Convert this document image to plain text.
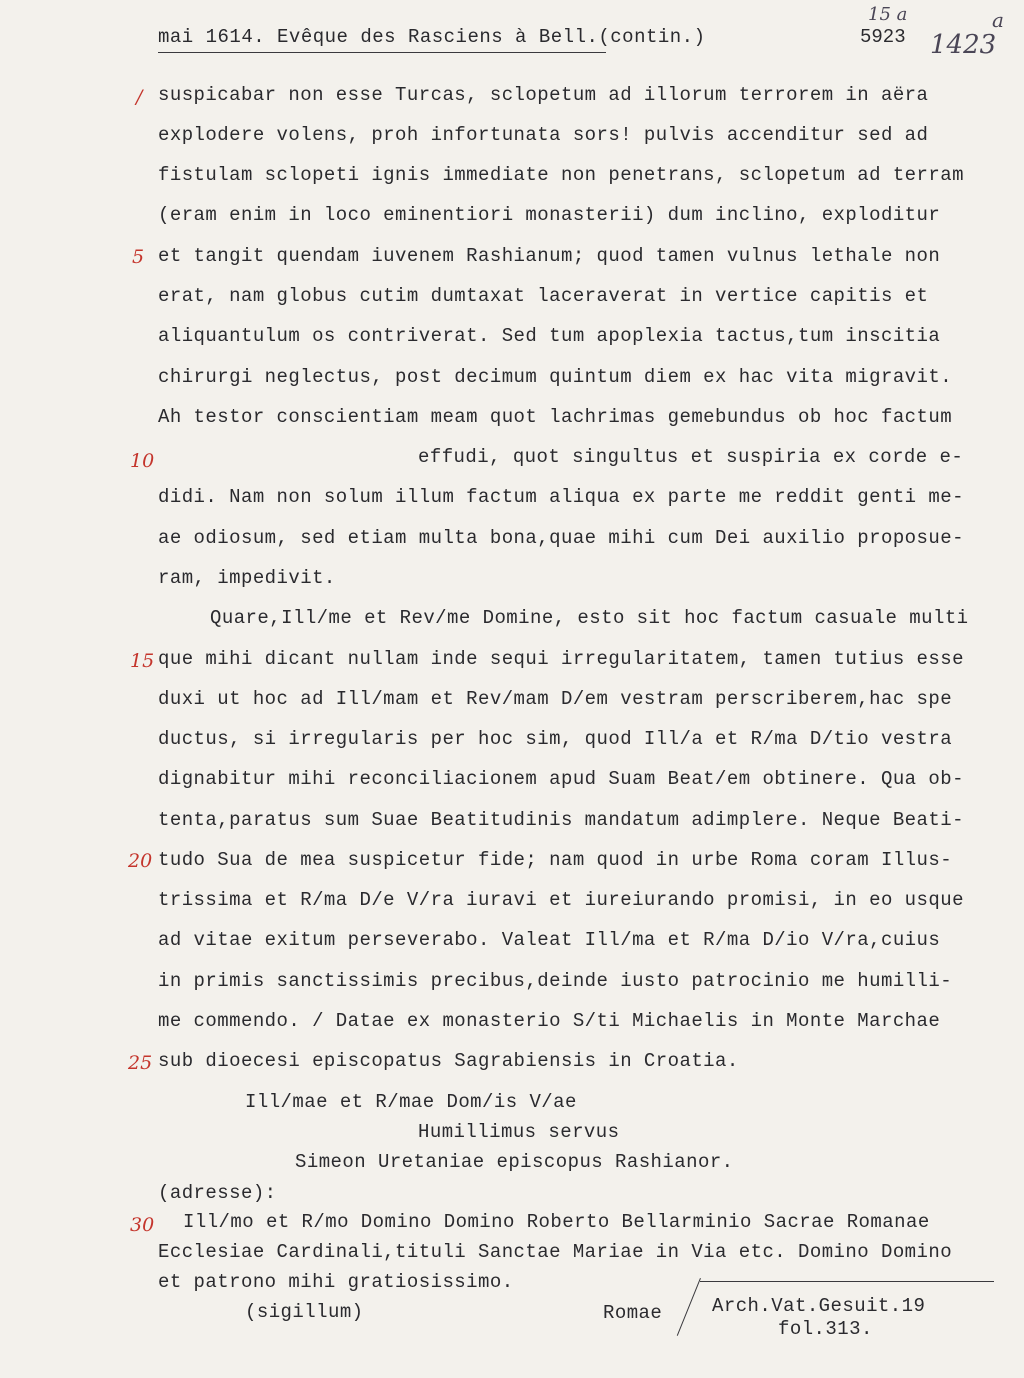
mai 1614. Evêque des Rasciens à Bell.(contin.)	5923
15 a
1423
a
/
5
10
15
20
25
30
suspicabar non esse Turcas, sclopetum ad illorum terrorem in aëra
explodere volens, proh infortunata sors! pulvis accenditur sed ad
fistulam sclopeti ignis immediate non penetrans, sclopetum ad terram
(eram enim in loco eminentiori monasterii) dum inclino, exploditur
et tangit quendam iuvenem Rashianum; quod tamen vulnus lethale non
erat, nam globus cutim dumtaxat laceraverat in vertice capitis et
aliquantulum os contriverat. Sed tum apoplexia tactus,tum inscitia
chirurgi neglectus, post decimum quintum diem ex hac vita migravit.
Ah testor conscientiam meam quot lachrimas gemebundus ob hoc factum
effudi, quot singultus et suspiria ex corde e-
didi. Nam non solum illum factum aliqua ex parte me reddit genti me-
ae odiosum, sed etiam multa bona,quae mihi cum Dei auxilio proposue-
ram, impedivit.
Quare,Ill/me et Rev/me Domine, esto sit hoc factum casuale multi
que mihi dicant nullam inde sequi irregularitatem, tamen tutius esse
duxi ut hoc ad Ill/mam et Rev/mam D/em vestram perscriberem,hac spe
ductus, si irregularis per hoc sim, quod Ill/a et R/ma D/tio vestra
dignabitur mihi reconciliacionem apud Suam Beat/em obtinere. Qua ob-
tenta,paratus sum Suae Beatitudinis mandatum adimplere. Neque Beati-
tudo Sua de mea suspicetur fide; nam quod in urbe Roma coram Illus-
trissima et R/ma D/e V/ra iuravi et iureiurando promisi, in eo usque
ad vitae exitum perseverabo. Valeat Ill/ma et R/ma D/io V/ra,cuius
in primis sanctissimis precibus,deinde iusto patrocinio me humilli-
me commendo. / Datae ex monasterio S/ti Michaelis in Monte Marchae
sub dioecesi episcopatus Sagrabiensis in Croatia.
Ill/mae et R/mae Dom/is V/ae
Humillimus servus
Simeon Uretaniae episcopus Rashianor.
(adresse):
Ill/mo et R/mo Domino Domino Roberto Bellarminio Sacrae Romanae
Ecclesiae Cardinali,tituli Sanctae Mariae in Via etc. Domino Domino
et patrono mihi gratiosissimo.
(sigillum)	Romae	Arch.Vat.Gesuit.19
fol.313.
